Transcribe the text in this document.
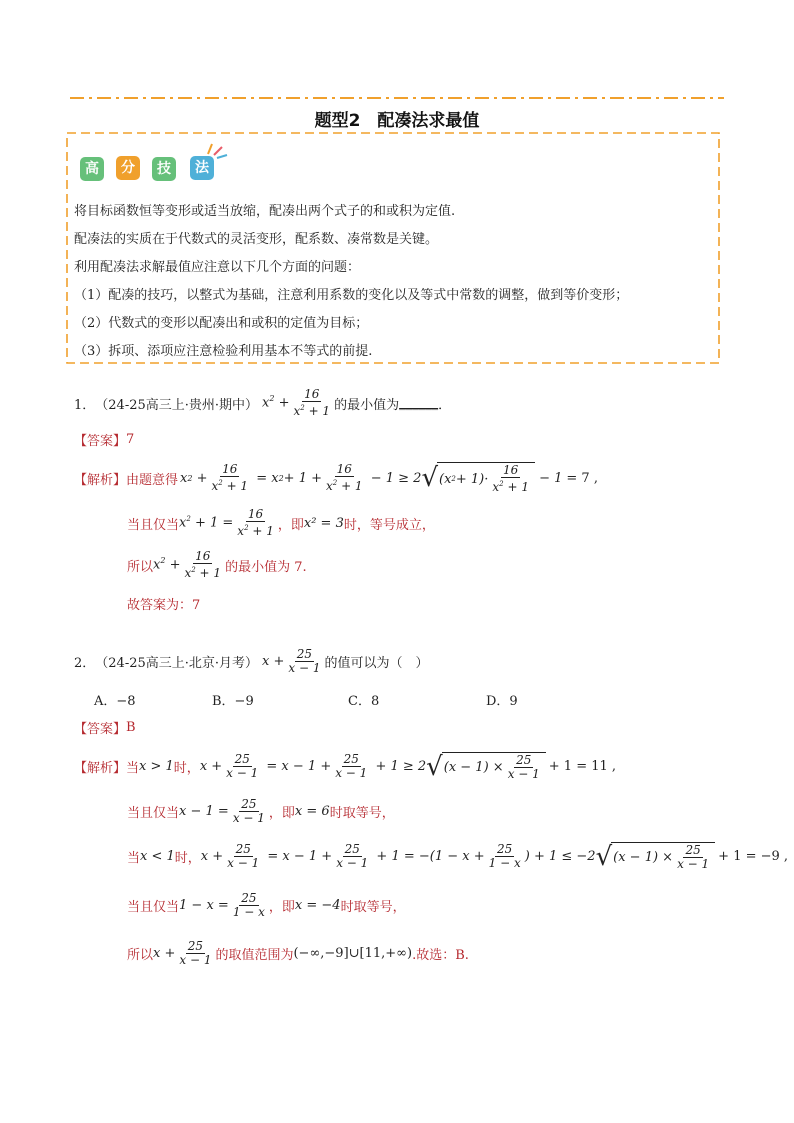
题型2　配凑法求最值
高	分	技	法
将目标函数恒等变形或适当放缩，配凑出两个式子的和或积为定值.
配凑法的实质在于代数式的灵活变形，配系数、凑常数是关键。
利用配凑法求解最值应注意以下几个方面的问题：
（1）配凑的技巧，以整式为基础，注意利用系数的变化以及等式中常数的调整，做到等价变形；
（2）代数式的变形以配凑出和或积的定值为目标；
（3）拆项、添项应注意检验利用基本不等式的前提.
1． （24-25高三上·贵州·期中） $x^2 + \frac{16}{x^2 + 1}$ 的最小值为 ______ ．
【答案】 7
【解析】 由题意得 x $2 + \frac{16}{x^2 + 1} = x$ $2 + 1 + \frac{16}{x^2 + 1} - 1 \ge 2$ √ (x $2 + 1)\cdot \frac{16}{x^2 + 1} - 1 = 7$ ,
当且仅当 $x^2 + 1 = \frac{16}{x^2 + 1}$ ，即 x² = 3 时，等号成立，
所以 $x^2 + \frac{16}{x^2 + 1}$ 的最小值为 7.
故答案为：7
2． （24-25高三上·北京·月考） $x + \frac{25}{x - 1}$ 的值可以为（　）
A．−8	B．−9	C．8	D．9
【答案】 B
【解析】 当 x > 1 时， $x + \frac{25}{x - 1} = x - 1 + \frac{25}{x - 1} + 1 \ge 2$ √ $(x - 1) \times \frac{25}{x - 1} + 1 = 11$ ,
当且仅当 $x - 1 = \frac{25}{x - 1}$ ，即 x = 6 时取等号，
当 x < 1 时， $x + \frac{25}{x - 1} = x - 1 + \frac{25}{x - 1} + 1 = -(1 - x + \frac{25}{1 - x}$ ) + 1 ≤ −2 √ $(x - 1) \times \frac{25}{x - 1} + 1 = -9$ ,
当且仅当 $1 - x = \frac{25}{1 - x}$ ，即 x = −4 时取等号，
所以 $x + \frac{25}{x - 1}$ 的取值范围为 (−∞,−9]∪[11,+∞) .故选：B.
